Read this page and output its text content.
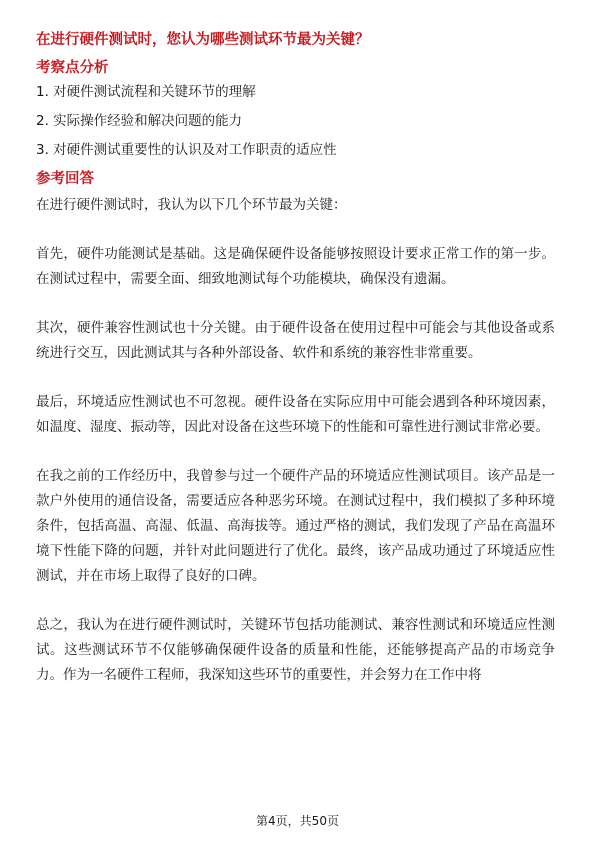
在进行硬件测试时，您认为哪些测试环节最为关键？
考察点分析
1. 对硬件测试流程和关键环节的理解
2. 实际操作经验和解决问题的能力
3. 对硬件测试重要性的认识及对工作职责的适应性
参考回答

在进行硬件测试时，我认为以下几个环节最为关键：

首先，硬件功能测试是基础。这是确保硬件设备能够按照设计要求正常工作的第一步。在测试过程中，需要全面、细致地测试每个功能模块，确保没有遗漏。

其次，硬件兼容性测试也十分关键。由于硬件设备在使用过程中可能会与其他设备或系统进行交互，因此测试其与各种外部设备、软件和系统的兼容性非常重要。

最后，环境适应性测试也不可忽视。硬件设备在实际应用中可能会遇到各种环境因素，如温度、湿度、振动等，因此对设备在这些环境下的性能和可靠性进行测试非常必要。

在我之前的工作经历中，我曾参与过一个硬件产品的环境适应性测试项目。该产品是一款户外使用的通信设备，需要适应各种恶劣环境。在测试过程中，我们模拟了多种环境条件，包括高温、高湿、低温、高海拔等。通过严格的测试，我们发现了产品在高温环境下性能下降的问题，并针对此问题进行了优化。最终，该产品成功通过了环境适应性测试，并在市场上取得了良好的口碑。

总之，我认为在进行硬件测试时，关键环节包括功能测试、兼容性测试和环境适应性测试。这些测试环节不仅能够确保硬件设备的质量和性能，还能够提高产品的市场竞争力。作为一名硬件工程师，我深知这些环节的重要性，并会努力在工作中将

第4页，共50页
